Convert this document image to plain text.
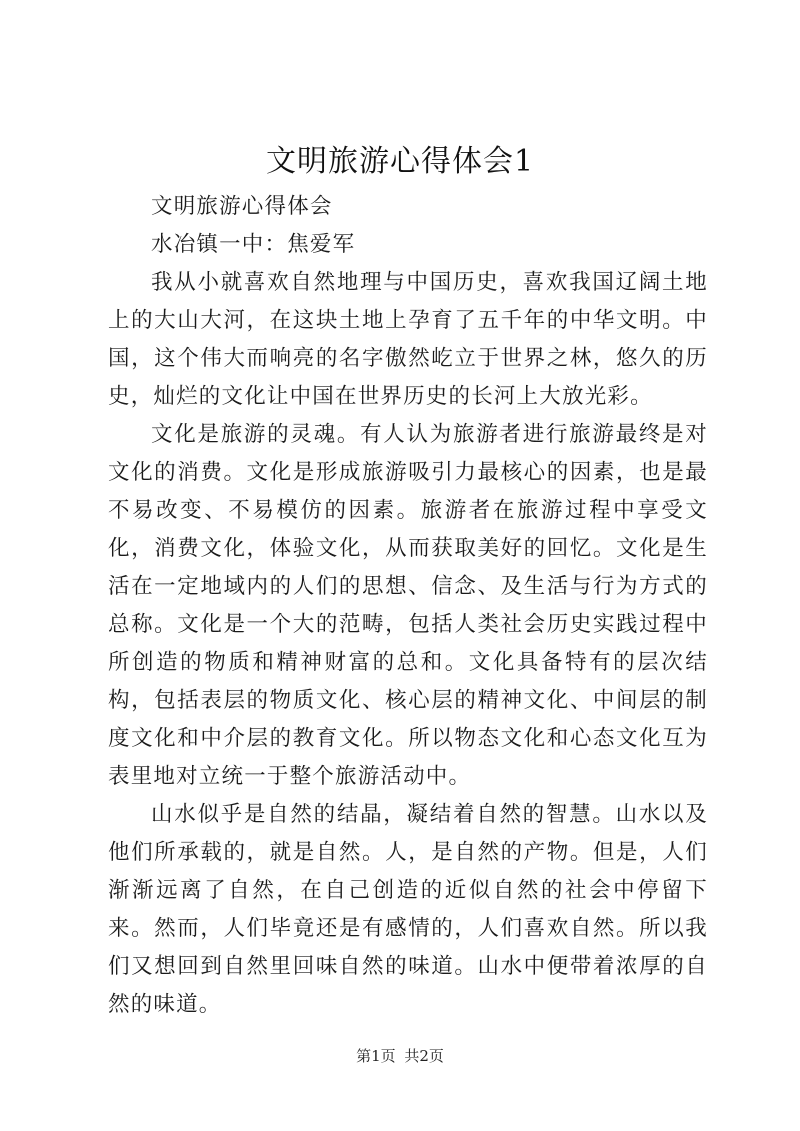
文明旅游心得体会1

文明旅游心得体会

水冶镇一中：焦爱军

我从小就喜欢自然地理与中国历史，喜欢我国辽阔土地上的大山大河，在这块土地上孕育了五千年的中华文明。中国，这个伟大而响亮的名字傲然屹立于世界之林，悠久的历史，灿烂的文化让中国在世界历史的长河上大放光彩。

文化是旅游的灵魂。有人认为旅游者进行旅游最终是对文化的消费。文化是形成旅游吸引力最核心的因素，也是最不易改变、不易模仿的因素。旅游者在旅游过程中享受文化，消费文化，体验文化，从而获取美好的回忆。文化是生活在一定地域内的人们的思想、信念、及生活与行为方式的总称。文化是一个大的范畴，包括人类社会历史实践过程中所创造的物质和精神财富的总和。文化具备特有的层次结构，包括表层的物质文化、核心层的精神文化、中间层的制度文化和中介层的教育文化。所以物态文化和心态文化互为表里地对立统一于整个旅游活动中。

山水似乎是自然的结晶，凝结着自然的智慧。山水以及他们所承载的，就是自然。人，是自然的产物。但是，人们渐渐远离了自然，在自己创造的近似自然的社会中停留下来。然而，人们毕竟还是有感情的，人们喜欢自然。所以我们又想回到自然里回味自然的味道。山水中便带着浓厚的自然的味道。

第1页 共2页
